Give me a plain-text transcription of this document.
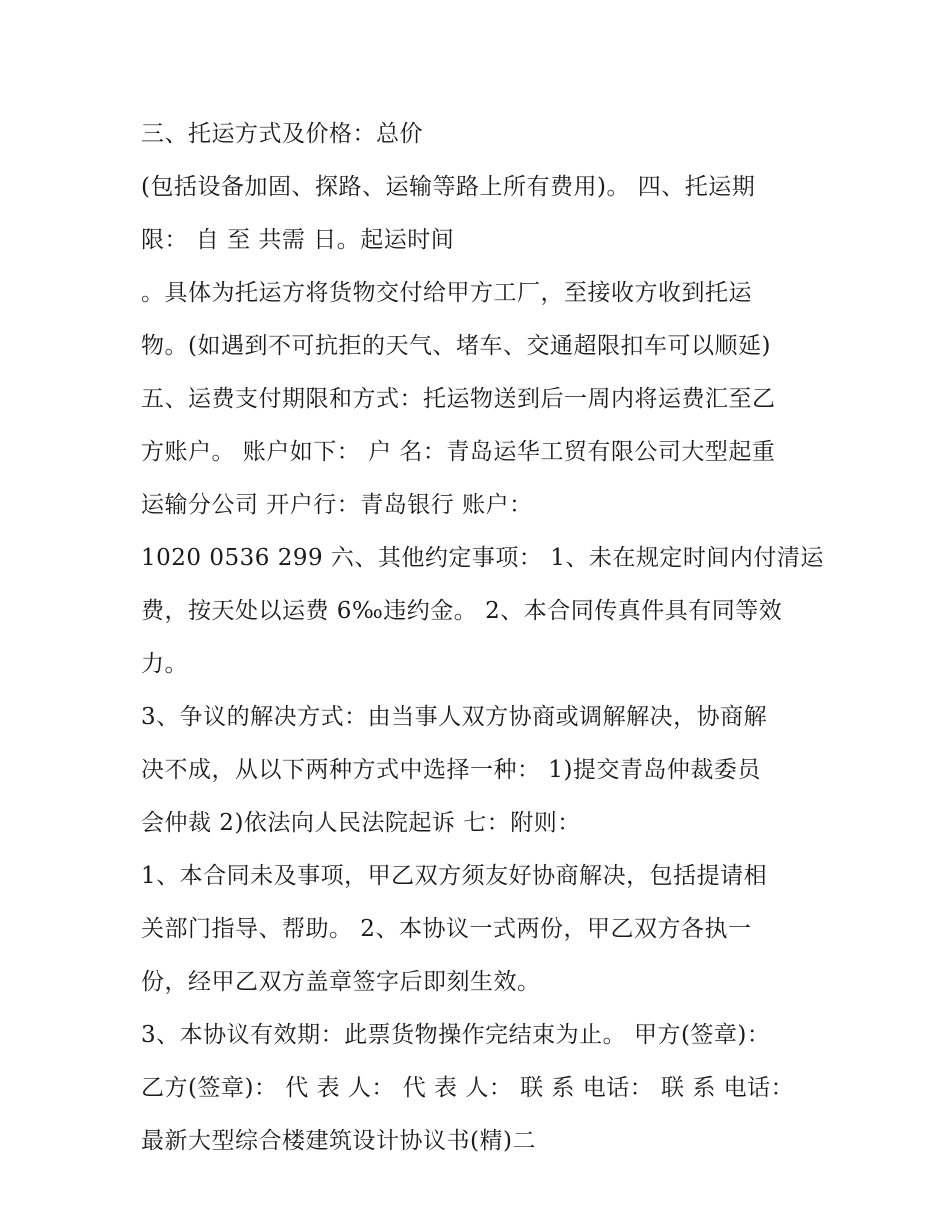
三、托运方式及价格：总价
(包括设备加固、探路、运输等路上所有费用)。 四、托运期
限： 自 至 共需 日。起运时间
。具体为托运方将货物交付给甲方工厂，至接收方收到托运
物。(如遇到不可抗拒的天气、堵车、交通超限扣车可以顺延)
五、运费支付期限和方式：托运物送到后一周内将运费汇至乙
方账户。 账户如下： 户 名：青岛运华工贸有限公司大型起重
运输分公司 开户行：青岛银行 账户：
1020 0536 299 六、其他约定事项： 1、未在规定时间内付清运
费，按天处以运费 6‰违约金。 2、本合同传真件具有同等效
力。
3、争议的解决方式：由当事人双方协商或调解解决，协商解
决不成，从以下两种方式中选择一种： 1)提交青岛仲裁委员
会仲裁 2)依法向人民法院起诉 七：附则：
1、本合同未及事项，甲乙双方须友好协商解决，包括提请相
关部门指导、帮助。 2、本协议一式两份，甲乙双方各执一
份，经甲乙双方盖章签字后即刻生效。
3、本协议有效期：此票货物操作完结束为止。 甲方(签章)：
乙方(签章)： 代 表 人： 代 表 人： 联 系 电话： 联 系 电话：
最新大型综合楼建筑设计协议书(精)二
